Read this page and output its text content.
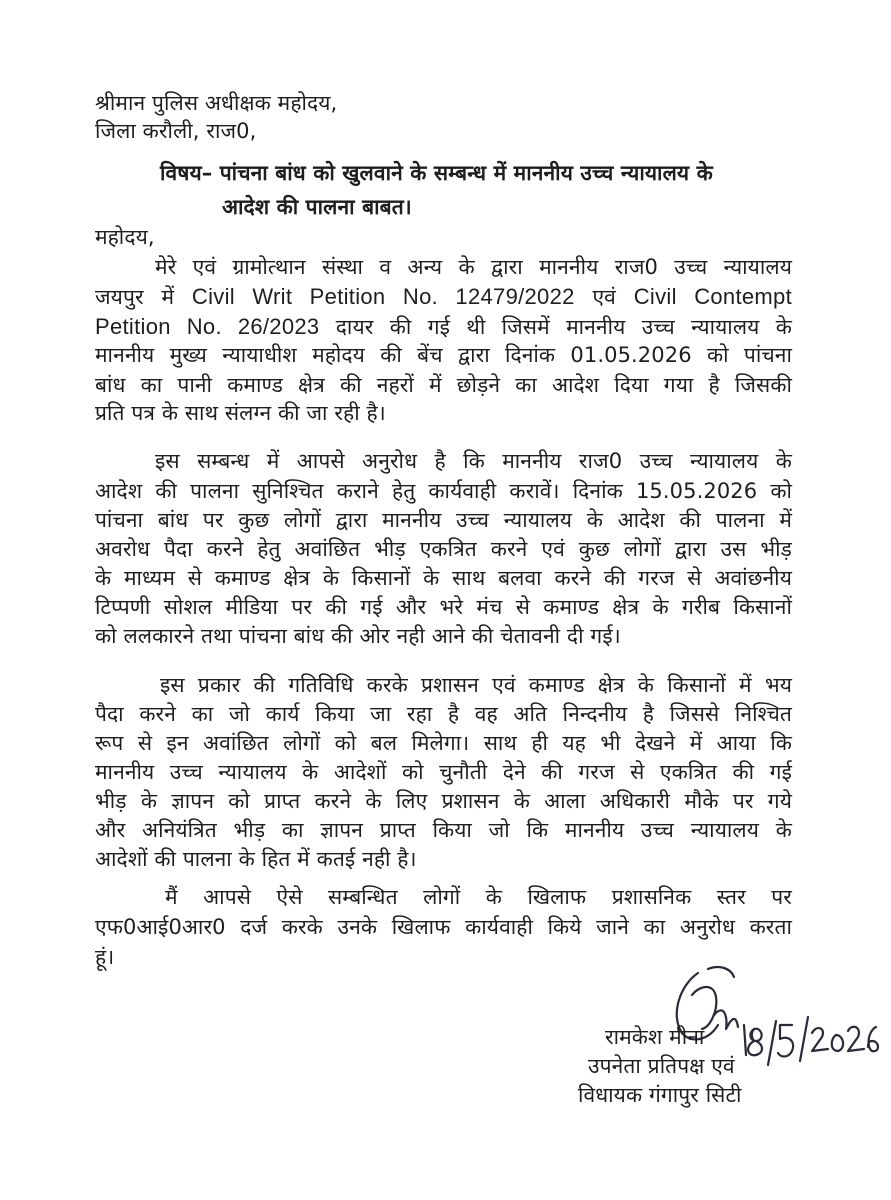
श्रीमान पुलिस अधीक्षक महोदय,
जिला करौली, राज0,
विषय– पांचना बांध को खुलवाने के सम्बन्ध में माननीय उच्च न्यायालय के
आदेश की पालना बाबत।
महोदय,
मेरे एवं ग्रामोत्थान संस्था व अन्य के द्वारा माननीय राज0 उच्च न्यायालय
जयपुर में Civil Writ Petition No. 12479/2022 एवं Civil Contempt
Petition No. 26/2023 दायर की गई थी जिसमें माननीय उच्च न्यायालय के
माननीय मुख्य न्यायाधीश महोदय की बेंच द्वारा दिनांक 01.05.2026 को पांचना
बांध का पानी कमाण्ड क्षेत्र की नहरों में छोड़ने का आदेश दिया गया है जिसकी
प्रति पत्र के साथ संलग्न की जा रही है।
इस सम्बन्ध में आपसे अनुरोध है कि माननीय राज0 उच्च न्यायालय के
आदेश की पालना सुनिश्चित कराने हेतु कार्यवाही करावें। दिनांक 15.05.2026 को
पांचना बांध पर कुछ लोगों द्वारा माननीय उच्च न्यायालय के आदेश की पालना में
अवरोध पैदा करने हेतु अवांछित भीड़ एकत्रित करने एवं कुछ लोगों द्वारा उस भीड़
के माध्यम से कमाण्ड क्षेत्र के किसानों के साथ बलवा करने की गरज से अवांछनीय
टिप्पणी सोशल मीडिया पर की गई और भरे मंच से कमाण्ड क्षेत्र के गरीब किसानों
को ललकारने तथा पांचना बांध की ओर नही आने की चेतावनी दी गई।
इस प्रकार की गतिविधि करके प्रशासन एवं कमाण्ड क्षेत्र के किसानों में भय
पैदा करने का जो कार्य किया जा रहा है वह अति निन्दनीय है जिससे निश्चित
रूप से इन अवांछित लोगों को बल मिलेगा। साथ ही यह भी देखने में आया कि
माननीय उच्च न्यायालय के आदेशों को चुनौती देने की गरज से एकत्रित की गई
भीड़ के ज्ञापन को प्राप्त करने के लिए प्रशासन के आला अधिकारी मौके पर गये
और अनियंत्रित भीड़ का ज्ञापन प्राप्त किया जो कि माननीय उच्च न्यायालय के
आदेशों की पालना के हित में कतई नही है।
मैं आपसे ऐसे सम्बन्धित लोगों के खिलाफ प्रशासनिक स्तर पर
एफ0आई0आर0 दर्ज करके उनके खिलाफ कार्यवाही किये जाने का अनुरोध करता
हूं।
रामकेश मीना
उपनेता प्रतिपक्ष एवं
विधायक गंगापुर सिटी
